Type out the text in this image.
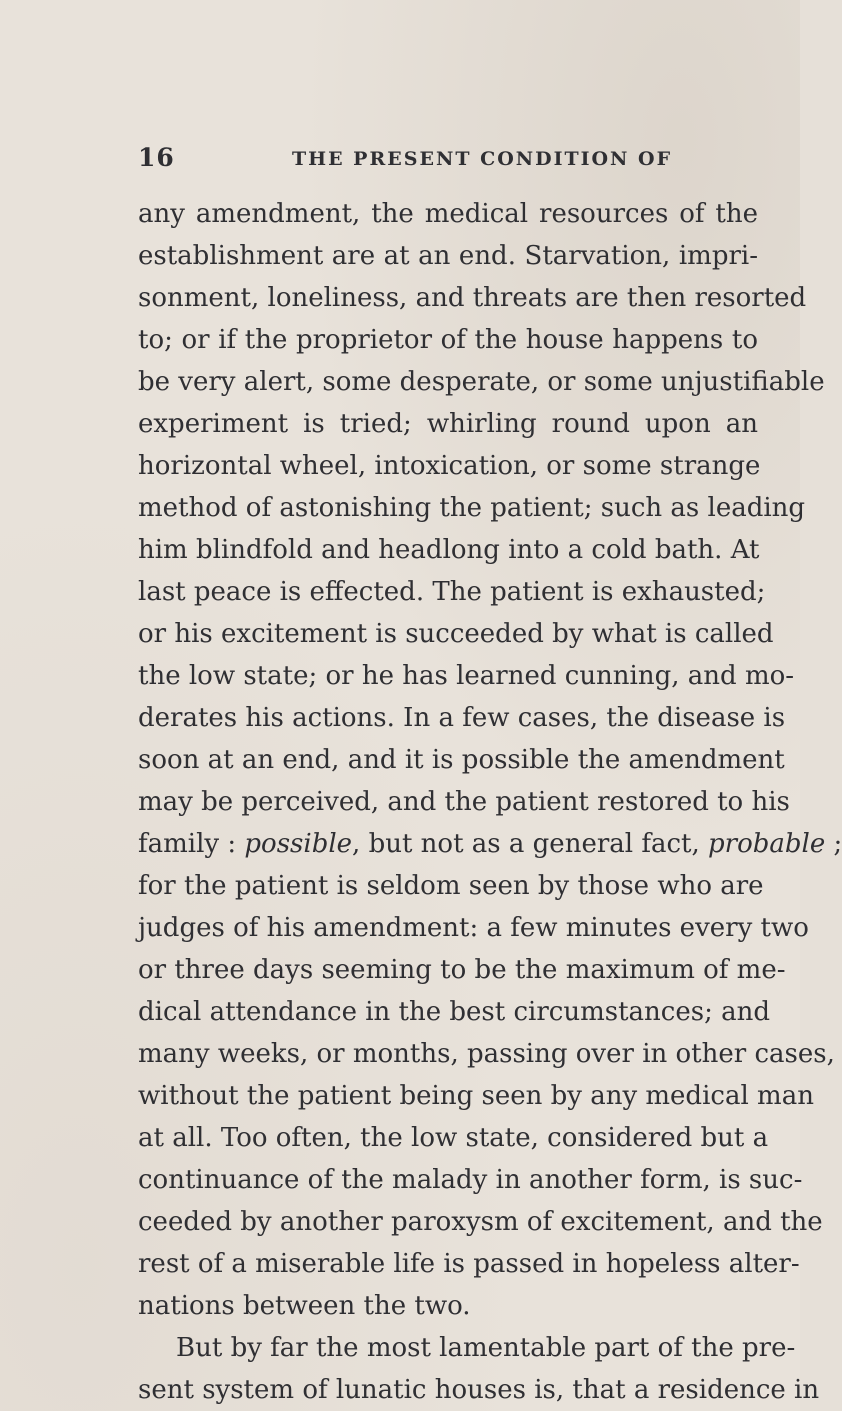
16	THE PRESENT CONDITION OF
any amendment, the medical resources of the
establishment are at an end. Starvation, impri-
sonment, loneliness, and threats are then resorted
to; or if the proprietor of the house happens to
be very alert, some desperate, or some unjustifiable
experiment is tried; whirling round upon an
horizontal wheel, intoxication, or some strange
method of astonishing the patient; such as leading
him blindfold and headlong into a cold bath. At
last peace is effected. The patient is exhausted;
or his excitement is succeeded by what is called
the low state; or he has learned cunning, and mo-
derates his actions. In a few cases, the disease is
soon at an end, and it is possible the amendment
may be perceived, and the patient restored to his
family : possible, but not as a general fact, probable ;
for the patient is seldom seen by those who are
judges of his amendment: a few minutes every two
or three days seeming to be the maximum of me-
dical attendance in the best circumstances; and
many weeks, or months, passing over in other cases,
without the patient being seen by any medical man
at all. Too often, the low state, considered but a
continuance of the malady in another form, is suc-
ceeded by another paroxysm of excitement, and the
rest of a miserable life is passed in hopeless alter-
nations between the two.
But by far the most lamentable part of the pre-
sent system of lunatic houses is, that a residence in
